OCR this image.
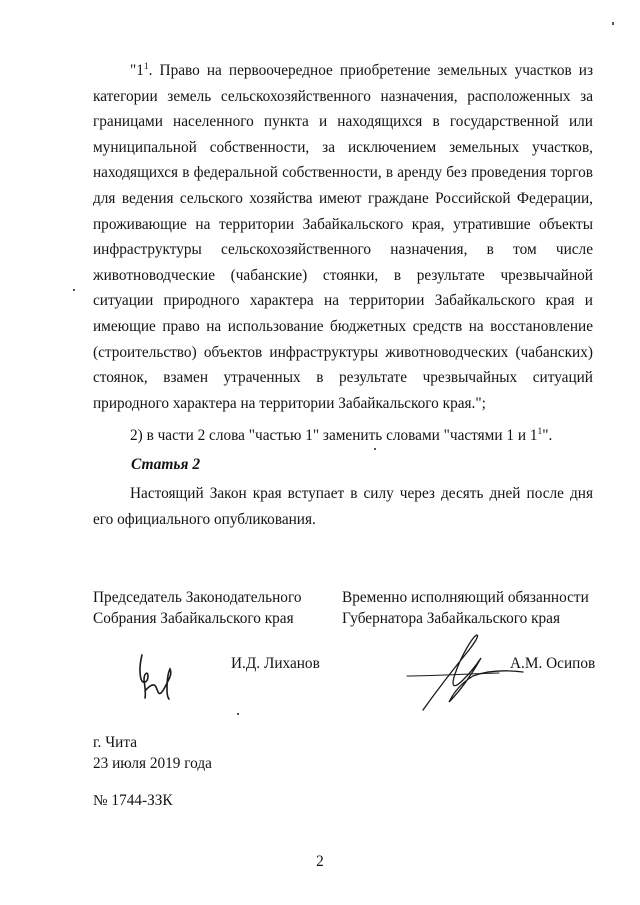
"$1^1$. Право на первоочередное приобретение земельных участков из категории земель сельскохозяйственного назначения, расположенных за границами населенного пункта и находящихся в государственной или муниципальной собственности, за исключением земельных участков, находящихся в федеральной собственности, в аренду без проведения торгов для ведения сельского хозяйства имеют граждане Российской Федерации, проживающие на территории Забайкальского края, утратившие объекты инфраструктуры сельскохозяйственного назначения, в том числе животноводческие (чабанские) стоянки, в результате чрезвычайной ситуации природного характера на территории Забайкальского края и имеющие право на использование бюджетных средств на восстановление (строительство) объектов инфраструктуры животноводческих (чабанских) стоянок, взамен утраченных в результате чрезвычайных ситуаций природного характера на территории Забайкальского края.";
2) в части 2 слова "частью 1" заменить словами "частями 1 и $1^1$".
Статья 2
Настоящий Закон края вступает в силу через десять дней после дня его официального опубликования.
Председатель Законодательного
Собрания Забайкальского края
Временно исполняющий обязанности
Губернатора Забайкальского края
И.Д. Лиханов	А.М. Осипов
г. Чита
23 июля 2019 года
№ 1744-ЗЗК
2
